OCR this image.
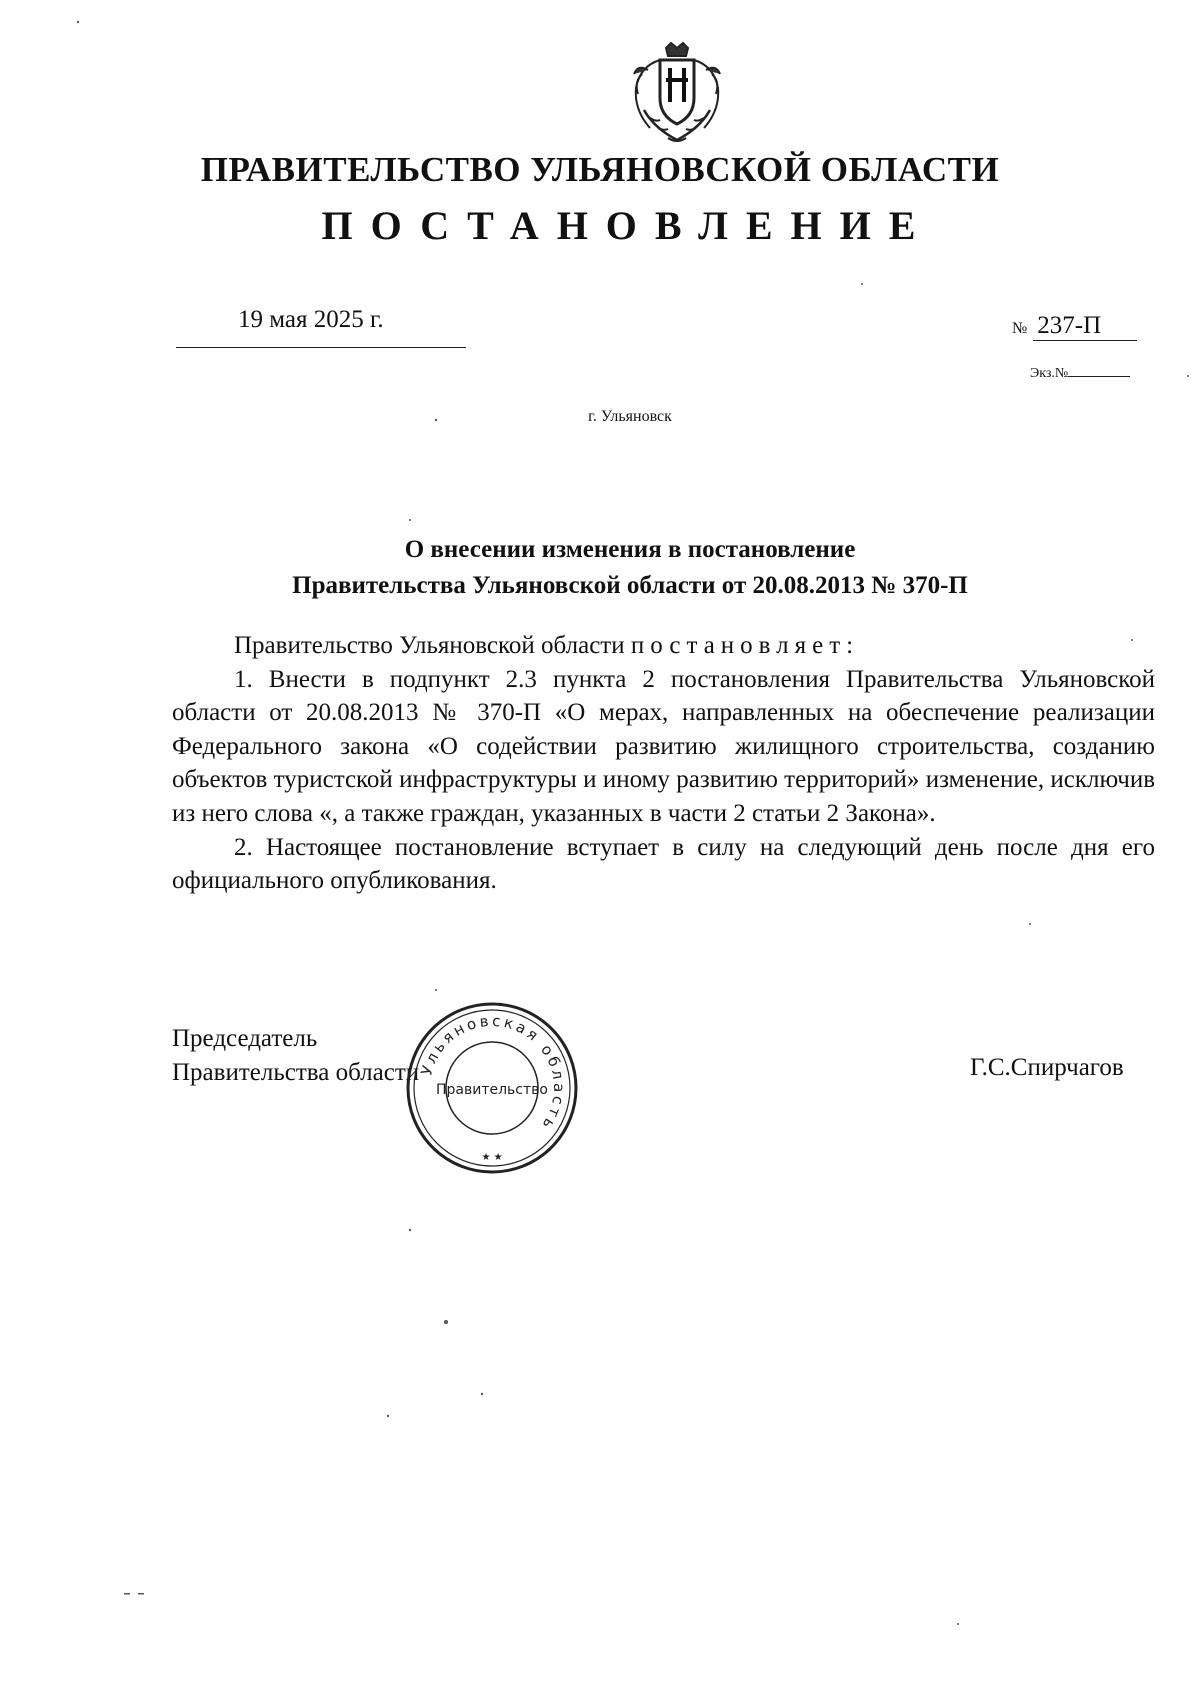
ПРАВИТЕЛЬСТВО УЛЬЯНОВСКОЙ ОБЛАСТИ
ПОСТАНОВЛЕНИЕ
19 мая 2025 г.	№ 237-П
Экз.№
г. Ульяновск
О внесении изменения в постановление
Правительства Ульяновской области от 20.08.2013 № 370-П

Правительство Ульяновской области постановляет:

1. Внести в подпункт 2.3 пункта 2 постановления Правительства Ульяновской области от 20.08.2013 № 370-П «О мерах, направленных на обеспечение реализации Федерального закона «О содействии развитию жилищного строительства, созданию объектов туристской инфраструктуры и иному развитию территорий» изменение, исключив из него слова «, а также граждан, указанных в части 2 статьи 2 Закона».

2. Настоящее постановление вступает в силу на следующий день после дня его официального опубликования.

Председатель
Правительства области	Г.С.Спирчагов
Ульяновская область
Правительство
★ ★
